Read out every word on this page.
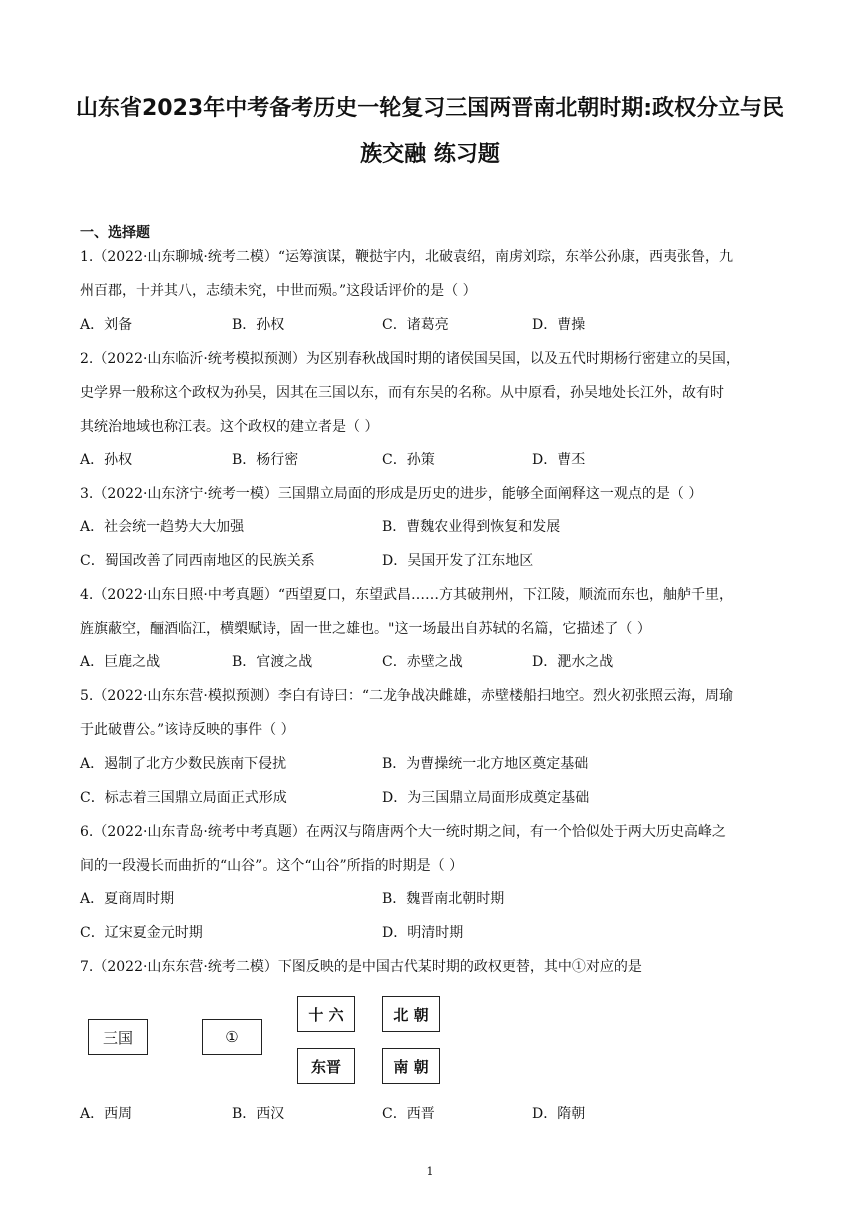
山东省2023年中考备考历史一轮复习三国两晋南北朝时期:政权分立与民
族交融 练习题
一、选择题
1.（2022·山东聊城·统考二模）“运筹演谋，鞭挞宇内，北破袁绍，南虏刘琮，东举公孙康，西夷张鲁，九
州百郡，十并其八，志绩未究，中世而殒。”这段话评价的是（ ）
A．刘备	B．孙权	C．诸葛亮	D．曹操
2.（2022·山东临沂·统考模拟预测）为区别春秋战国时期的诸侯国吴国，以及五代时期杨行密建立的吴国，
史学界一般称这个政权为孙吴，因其在三国以东，而有东吴的名称。从中原看，孙吴地处长江外，故有时
其统治地域也称江表。这个政权的建立者是（ ）
A．孙权	B．杨行密	C．孙策	D．曹丕
3.（2022·山东济宁·统考一模）三国鼎立局面的形成是历史的进步，能够全面阐释这一观点的是（ ）
A．社会统一趋势大大加强	B．曹魏农业得到恢复和发展
C．蜀国改善了同西南地区的民族关系	D．吴国开发了江东地区
4.（2022·山东日照·中考真题）“西望夏口，东望武昌……方其破荆州，下江陵，顺流而东也，舳舻千里，
旌旗蔽空，酾酒临江，横槊赋诗，固一世之雄也。"这一场最出自苏轼的名篇，它描述了（ ）
A．巨鹿之战	B．官渡之战	C．赤壁之战	D．淝水之战
5.（2022·山东东营·模拟预测）李白有诗曰：“二龙争战决雌雄，赤壁楼船扫地空。烈火初张照云海，周瑜
于此破曹公。”该诗反映的事件（ ）
A．遏制了北方少数民族南下侵扰	B．为曹操统一北方地区奠定基础
C．标志着三国鼎立局面正式形成	D．为三国鼎立局面形成奠定基础
6.（2022·山东青岛·统考中考真题）在两汉与隋唐两个大一统时期之间，有一个恰似处于两大历史高峰之
间的一段漫长而曲折的“山谷”。这个“山谷”所指的时期是（ ）
A．夏商周时期	B．魏晋南北朝时期
C．辽宋夏金元时期	D．明清时期
7.（2022·山东东营·统考二模）下图反映的是中国古代某时期的政权更替，其中①对应的是
三国	①
十 六
东晋
北 朝
南 朝
A．西周	B．西汉	C．西晋	D．隋朝
1
